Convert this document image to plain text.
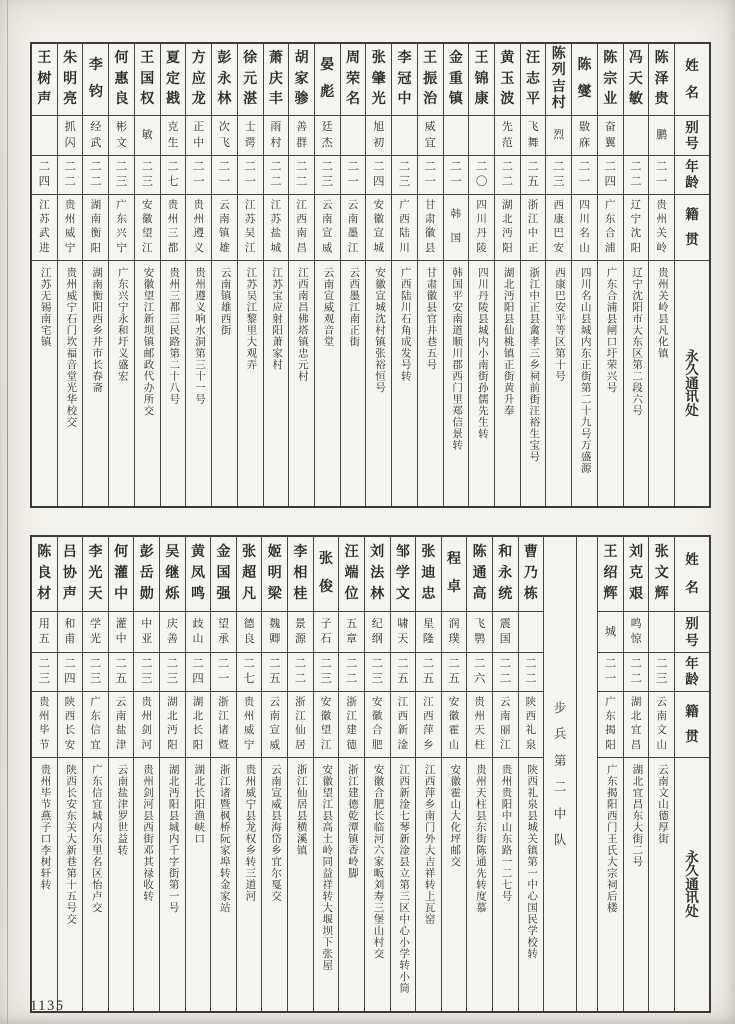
姓
名
别
号
年
龄
籍
贯
永
久
通
讯
处
陈
泽
贵
鹏
二
一
贵
州
关
岭
贵州关岭县凡化镇
冯
天
敏
二
二
辽
宁
沈
阳
辽宁沈阳市大东区第二段六号
陈
宗
业
奋
翼
二
四
广
东
合
浦
广东合浦县闸口圩荣兴号
陈
燮
敭
庥
二
一
四
川
名
山
四川名山县城内东正街第二十九号万盛源
陈
列
吉
村
烈
二
三
西
康
巴
安
西康巴安平等区第十号
汪
志
平
飞
舞
二
五
浙
江
中
正
浙江中正县禽孝三乡祠前街汪裕生宝号
黄
玉
波
先
范
二
二
湖
北
沔
阳
湖北沔阳县仙桃镇正街黄升奉
王
锦
康
二
〇
四
川
丹
陵
四川丹陵县城内小南街孙儒先生转
金
重
镇
二
一
韩
国
韩国平安南道顺川郡西门里郑信景转
王
振
治
威
宜
二
一
甘
肃
徽
县
甘肃徽县官井巷五号
李
冠
中
二
三
广
西
陆
川
广西陆川石角成发号转
张
肇
光
旭
初
二
四
安
徽
宣
城
安徽宣城沈村镇张裕恒号
周
荣
名
二
一
云
南
墨
江
云西墨江南正街
晏
彪
廷
杰
二
三
云
南
宣
威
云南宣威观音堂
胡
家
骖
善
群
二
二
江
西
南
昌
江西南昌佛塔镇忠元村
萧
庆
丰
雨
村
二
二
江
苏
盐
城
江苏宝应射阳萧家村
徐
元
湛
士
谔
二
一
江
苏
吴
江
江苏吴江黎里大观弄
彭
永
林
次
飞
二
一
云
南
镇
雄
云南镇雄西街
方
应
龙
正
中
二
一
贵
州
遵
义
贵州遵义响水洞第三十一号
夏
定
戡
克
生
二
七
贵
州
三
都
贵州三都三民路第二十八号
王
国
权
敏
二
三
安
徽
望
江
安徽望江新坝镇邮政代办所交
何
惠
良
彬
文
二
三
广
东
兴
宁
广东兴宁永和圩义盛宏
李
钧
经
武
二
二
湖
南
衡
阳
湖南衡阳西乡井市长春斋
朱
明
亮
抓
闪
二
二
贵
州
威
宁
贵州威宁石门坎福音堂光华校交
王
树
声
二
四
江
苏
武
进
江苏无锡南宅镇
姓
名
别
号
年
龄
籍
贯
永
久
通
讯
处
张
文
辉
二
三
云
南
文
山
云南文山德厚街
刘
克
艰
鸣
惊
二
二
湖
北
宜
昌
湖北宜昌东大街二号
王
绍
辉
城
二
一
广
东
揭
阳
广东揭阳西门王氏大宗祠后楼
步
兵
第
二
中
队
曹
乃
栋
二
二
陕
西
礼
泉
陕西礼泉县城关镇第一中心国民学校转
和
永
统
震
国
二
二
云
南
丽
江
贵州贵阳中山东路一二七号
陈
通
高
飞
鹗
二
六
贵
州
天
柱
贵州天柱县东街陈通先转度慕
程
卓
润
璞
二
五
安
徽
霍
山
安徽霍山大化坪邮交
张
迪
忠
星
隆
二
五
江
西
萍
乡
江西萍乡南门外大吉祥转上瓦窑
邹
学
文
啸
天
二
五
江
西
新
淦
江西新淦七琴新淦县立第三区中心小学转小筒
刘
法
林
纪
纲
二
三
安
徽
合
肥
安徽合肥长临河六家畈刘寿三堡山村交
汪
端
位
五
章
二
二
浙
江
建
德
浙江建德乾潭镇香岭脚
张
俊
子
石
二
三
安
徽
望
江
安徽望江县高土岭同益祥转大堰坝下张屋
李
相
桂
景
源
二
二
浙
江
仙
居
浙江仙居县横溪镇
姬
明
梁
魏
卿
二
五
云
南
宣
威
云南宣威县海岱乡宜尔戛交
张
超
凡
德
良
二
七
贵
州
威
宁
贵州威宁县龙权乡转三道河
金
国
强
望
承
二
一
浙
江
诸
暨
浙江诸暨枫桥阮家埠转金家站
黄
凤
鸣
歧
山
二
四
湖
北
长
阳
湖北长阳渔峡口
吴
继
烁
庆
善
二
三
湖
北
沔
阳
湖北沔阳县城内千字街第一号
彭
岳
勋
中
亚
二
三
贵
州
剑
河
贵州剑河县西街邓其禄收转
何
灌
中
灌
中
二
五
云
南
盐
津
云南盐津罗世益转
李
光
天
学
光
二
三
广
东
信
宜
广东信宜城内东里名区怡卢交
吕
协
声
和
甫
二
四
陕
西
长
安
陕西长安东关大新巷第十五号交
陈
良
材
用
五
二
三
贵
州
毕
节
贵州毕节燕子口李树轩转
1135
